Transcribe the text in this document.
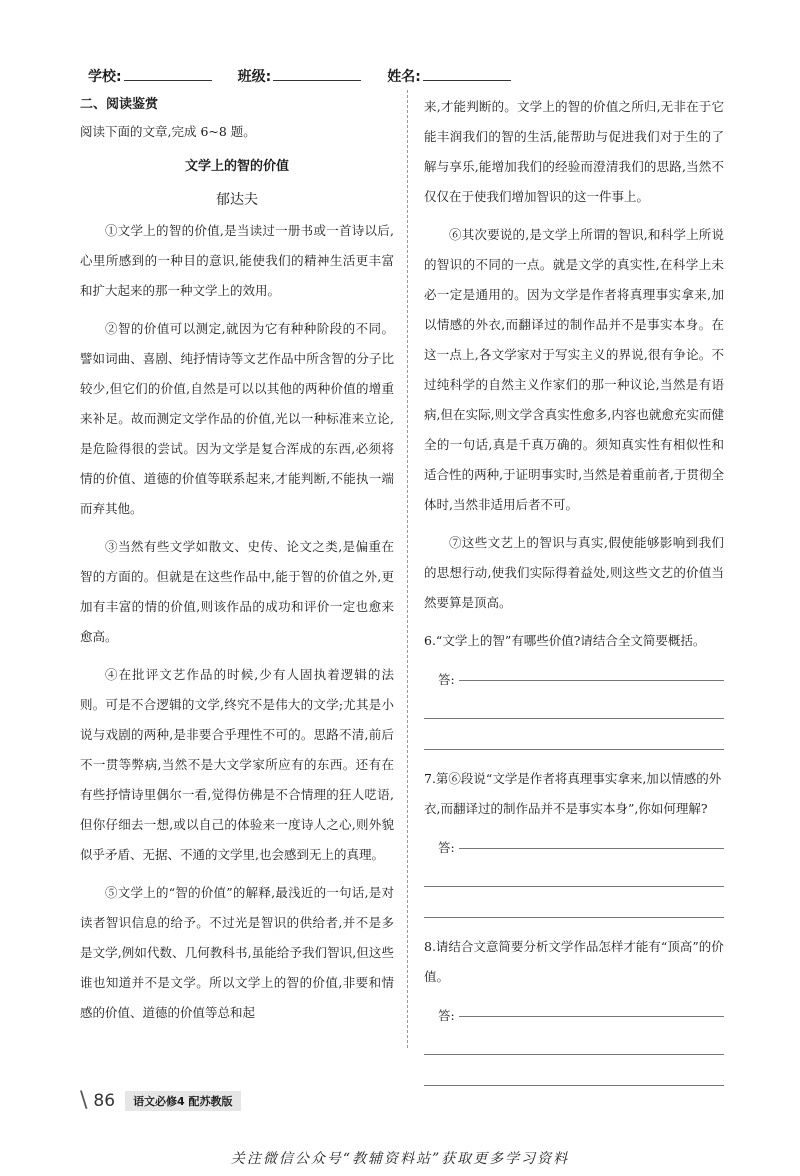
学校:	班级:	姓名:
二、阅读鉴赏
阅读下面的文章,完成 6~8 题。
文学上的智的价值
郁达夫

①文学上的智的价值,是当读过一册书或一首诗以后,心里所感到的一种目的意识,能使我们的精神生活更丰富和扩大起来的那一种文学上的效用。

②智的价值可以测定,就因为它有种种阶段的不同。譬如词曲、喜剧、纯抒情诗等文艺作品中所含智的分子比较少,但它们的价值,自然是可以以其他的两种价值的增重来补足。故而测定文学作品的价值,光以一种标准来立论,是危险得很的尝试。因为文学是复合浑成的东西,必须将情的价值、道德的价值等联系起来,才能判断,不能执一端而弃其他。

③当然有些文学如散文、史传、论文之类,是偏重在智的方面的。但就是在这些作品中,能于智的价值之外,更加有丰富的情的价值,则该作品的成功和评价一定也愈来愈高。

④在批评文艺作品的时候,少有人固执着逻辑的法则。可是不合逻辑的文学,终究不是伟大的文学;尤其是小说与戏剧的两种,是非要合乎理性不可的。思路不清,前后不一贯等弊病,当然不是大文学家所应有的东西。还有在有些抒情诗里偶尔一看,觉得仿佛是不合情理的狂人呓语,但你仔细去一想,或以自己的体验来一度诗人之心,则外貌似乎矛盾、无据、不通的文学里,也会感到无上的真理。

⑤文学上的“智的价值”的解释,最浅近的一句话,是对读者智识信息的给予。不过光是智识的供给者,并不是多是文学,例如代数、几何教科书,虽能给予我们智识,但这些谁也知道并不是文学。所以文学上的智的价值,非要和情感的价值、道德的价值等总和起

来,才能判断的。文学上的智的价值之所归,无非在于它能丰润我们的智的生活,能帮助与促进我们对于生的了解与享乐,能增加我们的经验而澄清我们的思路,当然不仅仅在于使我们增加智识的这一件事上。

⑥其次要说的,是文学上所谓的智识,和科学上所说的智识的不同的一点。就是文学的真实性,在科学上未必一定是通用的。因为文学是作者将真理事实拿来,加以情感的外衣,而翻译过的制作品并不是事实本身。在这一点上,各文学家对于写实主义的界说,很有争论。不过纯科学的自然主义作家们的那一种议论,当然是有语病,但在实际,则文学含真实性愈多,内容也就愈充实而健全的一句话,真是千真万确的。须知真实性有相似性和适合性的两种,于证明事实时,当然是着重前者,于贯彻全体时,当然非适用后者不可。

⑦这些文艺上的智识与真实,假使能够影响到我们的思想行动,使我们实际得着益处,则这些文艺的价值当然要算是顶高。

6.“文学上的智”有哪些价值?请结合全文简要概括。
答:
7.第⑥段说“文学是作者将真理事实拿来,加以情感的外衣,而翻译过的制作品并不是事实本身”,你如何理解?
答:
8.请结合文意简要分析文学作品怎样才能有“顶高”的价值。
答:
\ 86	语文必修4 配苏教版
关注微信公众号“教辅资料站”获取更多学习资料
